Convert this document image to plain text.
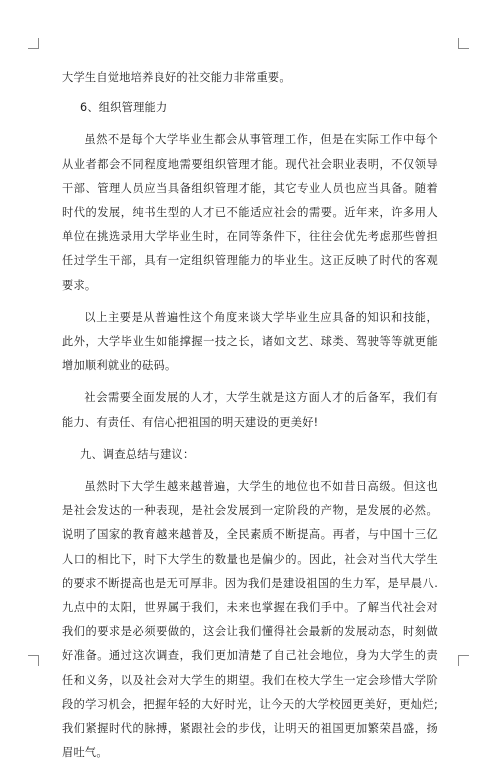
大学生自觉地培养良好的社交能力非常重要。

6、组织管理能力

虽然不是每个大学毕业生都会从事管理工作，但是在实际工作中每个从业者都会不同程度地需要组织管理才能。现代社会职业表明，不仅领导干部、管理人员应当具备组织管理才能，其它专业人员也应当具备。随着时代的发展，纯书生型的人才已不能适应社会的需要。近年来，许多用人单位在挑选录用大学毕业生时，在同等条件下，往往会优先考虑那些曾担任过学生干部，具有一定组织管理能力的毕业生。这正反映了时代的客观要求。

以上主要是从普遍性这个角度来谈大学毕业生应具备的知识和技能，此外，大学毕业生如能撑握一技之长，诸如文艺、球类、驾驶等等就更能增加顺利就业的砝码。

社会需要全面发展的人才，大学生就是这方面人才的后备军，我们有能力、有责任、有信心把祖国的明天建设的更美好!

九、调查总结与建议：

虽然时下大学生越来越普遍，大学生的地位也不如昔日高级。但这也是社会发达的一种表现，是社会发展到一定阶段的产物，是发展的必然。说明了国家的教育越来越普及，全民素质不断提高。再者，与中国十三亿人口的相比下，时下大学生的数量也是偏少的。因此，社会对当代大学生的要求不断提高也是无可厚非。因为我们是建设祖国的生力军，是早晨八.九点中的太阳，世界属于我们，未来也掌握在我们手中。了解当代社会对我们的要求是必须要做的，这会让我们懂得社会最新的发展动态，时刻做好准备。通过这次调查，我们更加清楚了自己社会地位，身为大学生的责任和义务，以及社会对大学生的期望。我们在校大学生一定会珍惜大学阶段的学习机会，把握年轻的大好时光，让今天的大学校园更美好，更灿烂;我们紧握时代的脉搏，紧跟社会的步伐，让明天的祖国更加繁荣昌盛，扬眉吐气。
